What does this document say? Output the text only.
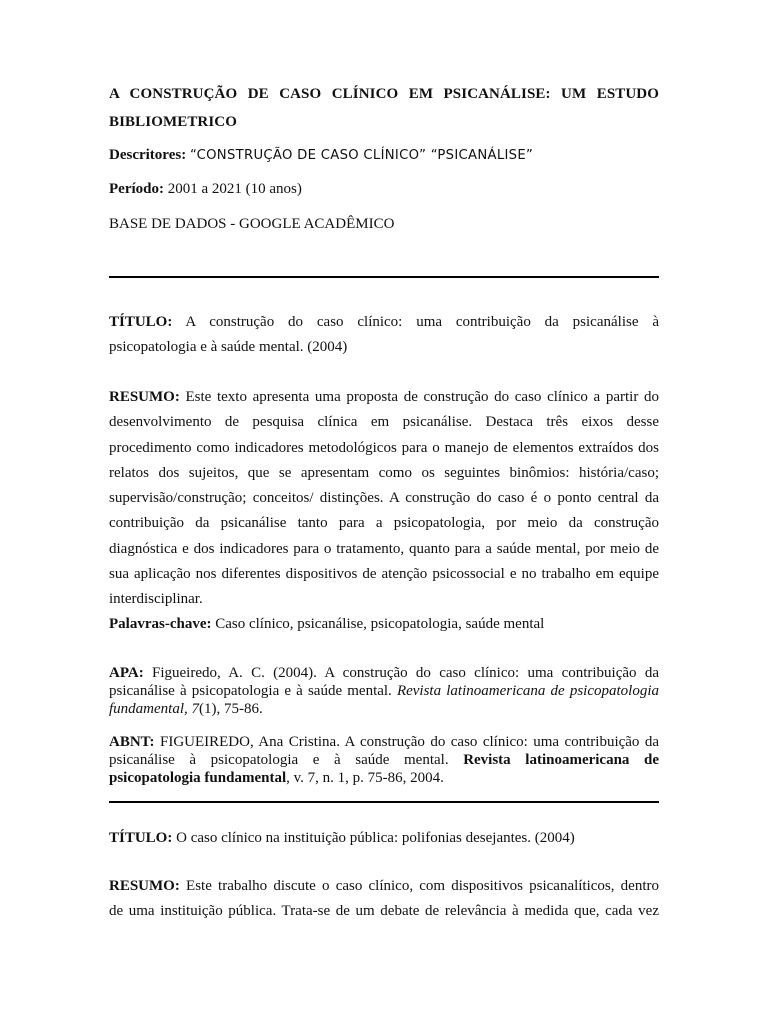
A CONSTRUÇÃO DE CASO CLÍNICO EM PSICANÁLISE: UM ESTUDO
BIBLIOMETRICO
Descritores: “CONSTRUÇÃO DE CASO CLÍNICO” “PSICANÁLISE”
Período: 2001 a 2021 (10 anos)
BASE DE DADOS - GOOGLE ACADÊMICO
TÍTULO: A construção do caso clínico: uma contribuição da psicanálise à
psicopatologia e à saúde mental. (2004)
RESUMO: Este texto apresenta uma proposta de construção do caso clínico a partir do
desenvolvimento de pesquisa clínica em psicanálise. Destaca três eixos desse
procedimento como indicadores metodológicos para o manejo de elementos extraídos dos
relatos dos sujeitos, que se apresentam como os seguintes binômios: história/caso;
supervisão/construção; conceitos/ distinções. A construção do caso é o ponto central da
contribuição da psicanálise tanto para a psicopatologia, por meio da construção
diagnóstica e dos indicadores para o tratamento, quanto para a saúde mental, por meio de
sua aplicação nos diferentes dispositivos de atenção psicossocial e no trabalho em equipe
interdisciplinar.
Palavras-chave: Caso clínico, psicanálise, psicopatologia, saúde mental
APA: Figueiredo, A. C. (2004). A construção do caso clínico: uma contribuição da
psicanálise à psicopatologia e à saúde mental. Revista latinoamericana de psicopatologia
fundamental, 7(1), 75-86.
ABNT: FIGUEIREDO, Ana Cristina. A construção do caso clínico: uma contribuição da
psicanálise à psicopatologia e à saúde mental. Revista latinoamericana de
psicopatologia fundamental, v. 7, n. 1, p. 75-86, 2004.
TÍTULO: O caso clínico na instituição pública: polifonias desejantes. (2004)
RESUMO: Este trabalho discute o caso clínico, com dispositivos psicanalíticos, dentro
de uma instituição pública. Trata-se de um debate de relevância à medida que, cada vez
